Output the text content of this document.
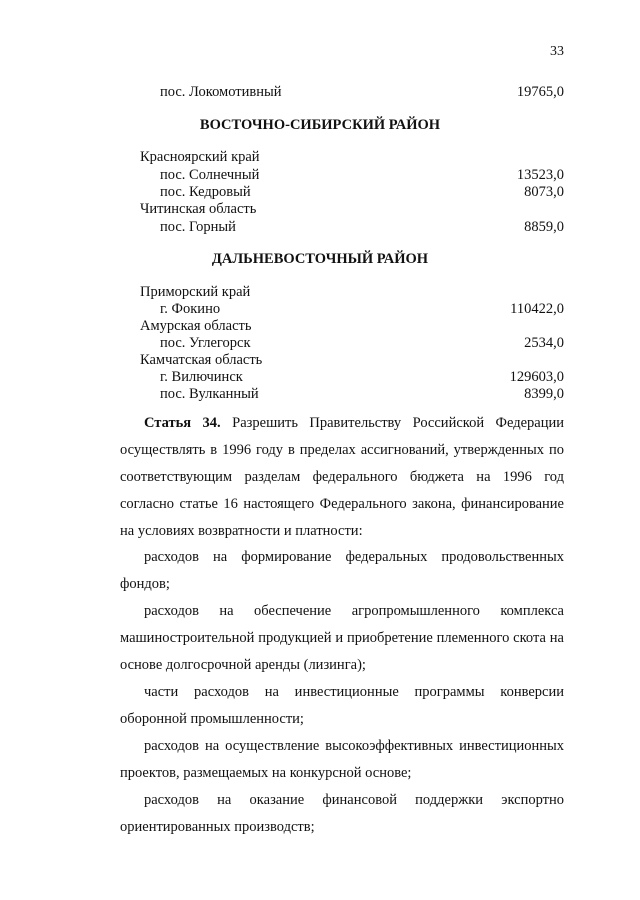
33
пос. Локомотивный	19765,0
ВОСТОЧНО-СИБИРСКИЙ РАЙОН
Красноярский край
пос. Солнечный	13523,0
пос. Кедровый	8073,0
Читинская область
пос. Горный	8859,0
ДАЛЬНЕВОСТОЧНЫЙ РАЙОН
Приморский край
г. Фокино	110422,0
Амурская область
пос. Углегорск	2534,0
Камчатская область
г. Вилючинск	129603,0
пос. Вулканный	8399,0
Статья 34. Разрешить Правительству Российской Федерации осуществлять в 1996 году в пределах ассигнований, утвержденных по соответствующим разделам федерального бюджета на 1996 год согласно статье 16 настоящего Федерального закона, финансирование на условиях возвратности и платности:
расходов на формирование федеральных продовольственных фондов;
расходов на обеспечение агропромышленного комплекса машиностроительной продукцией и приобретение племенного скота на основе долгосрочной аренды (лизинга);
части расходов на инвестиционные программы конверсии оборонной промышленности;
расходов на осуществление высокоэффективных инвестиционных проектов, размещаемых на конкурсной основе;
расходов на оказание финансовой поддержки экспортно ориентированных производств;
